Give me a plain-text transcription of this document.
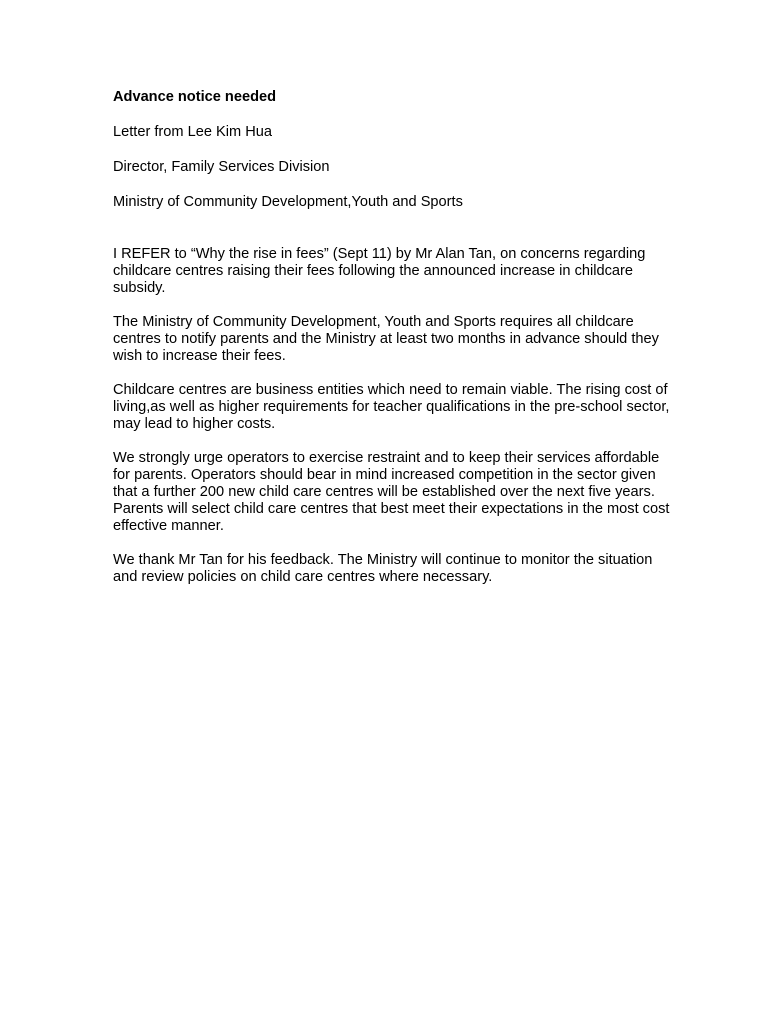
Advance notice needed
Letter from Lee Kim Hua
Director, Family Services Division
Ministry of Community Development,Youth and Sports

I REFER to “Why the rise in fees” (Sept 11) by Mr Alan Tan, on concerns regarding childcare centres raising their fees following the announced increase in childcare subsidy.

The Ministry of Community Development, Youth and Sports requires all childcare centres to notify parents and the Ministry at least two months in advance should they wish to increase their fees.

Childcare centres are business entities which need to remain viable. The rising cost of living,as well as higher requirements for teacher qualifications in the pre-school sector, may lead to higher costs.

We strongly urge operators to exercise restraint and to keep their services affordable for parents. Operators should bear in mind increased competition in the sector given that a further 200 new child care centres will be established over the next five years. Parents will select child care centres that best meet their expectations in the most cost effective manner.

We thank Mr Tan for his feedback. The Ministry will continue to monitor the situation and review policies on child care centres where necessary.
